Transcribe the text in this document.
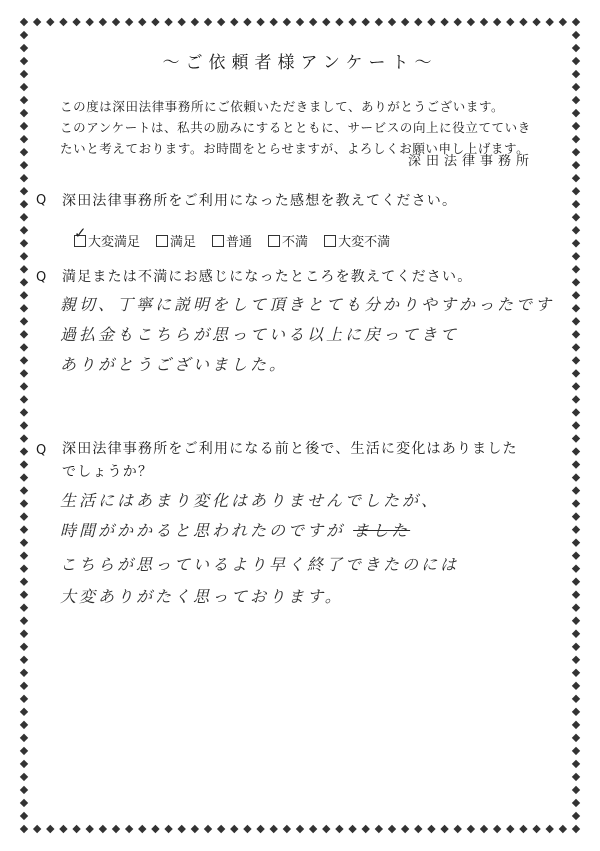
〜ご依頼者様アンケート〜

この度は深田法律事務所にご依頼いただきまして、ありがとうございます。

このアンケートは、私共の励みにするとともに、サービスの向上に役立てていき

たいと考えております。お時間をとらせますが、よろしくお願い申し上げます。

深田法律事務所
Q 深田法律事務所をご利用になった感想を教えてください。
✓
大変満足 満足 普通 不満 大変不満
Q 満足または不満にお感じになったところを教えてください。
親切、丁寧に説明をして頂きとても分かりやすかったです
過払金もこちらが思っている以上に戻ってきて
ありがとうございました。
Q 深田法律事務所をご利用になる前と後で、生活に変化はありました
でしょうか？
生活にはあまり変化はありませんでしたが、
時間がかかると思われたのですが ました
こちらが思っているより早く終了できたのには
大変ありがたく思っております。
